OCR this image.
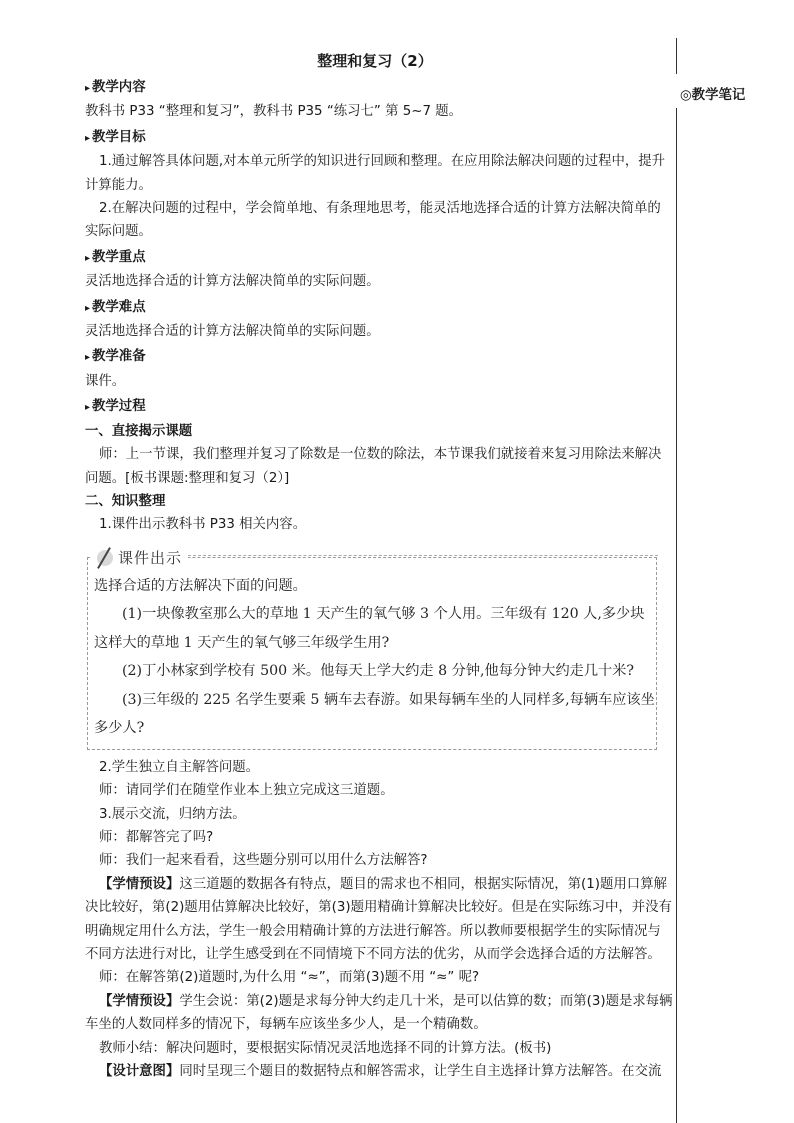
◎教学笔记
整理和复习（2）
▸ 教学内容
教科书 P33 “整理和复习”，教科书 P35 “练习七” 第 5~7 题。
▸ 教学目标
1.通过解答具体问题,对本单元所学的知识进行回顾和整理。在应用除法解决问题的过程中，提升计算能力。
2.在解决问题的过程中，学会简单地、有条理地思考，能灵活地选择合适的计算方法解决简单的实际问题。
▸ 教学重点
灵活地选择合适的计算方法解决简单的实际问题。
▸ 教学难点
灵活地选择合适的计算方法解决简单的实际问题。
▸ 教学准备
课件。
▸ 教学过程
一、直接揭示课题
师：上一节课，我们整理并复习了除数是一位数的除法，本节课我们就接着来复习用除法来解决问题。[板书课题:整理和复习（2）]
二、知识整理
1.课件出示教科书 P33 相关内容。
课件出示
选择合适的方法解决下面的问题。
(1)一块像教室那么大的草地 1 天产生的氧气够 3 个人用。三年级有 120 人,多少块这样大的草地 1 天产生的氧气够三年级学生用?
(2)丁小林家到学校有 500 米。他每天上学大约走 8 分钟,他每分钟大约走几十米?
(3)三年级的 225 名学生要乘 5 辆车去春游。如果每辆车坐的人同样多,每辆车应该坐多少人?
2.学生独立自主解答问题。
师：请同学们在随堂作业本上独立完成这三道题。
3.展示交流，归纳方法。
师：都解答完了吗?
师：我们一起来看看，这些题分别可以用什么方法解答?
【学情预设】这三道题的数据各有特点，题目的需求也不相同，根据实际情况，第(1)题用口算解决比较好，第(2)题用估算解决比较好，第(3)题用精确计算解决比较好。但是在实际练习中，并没有明确规定用什么方法，学生一般会用精确计算的方法进行解答。所以教师要根据学生的实际情况与不同方法进行对比，让学生感受到在不同情境下不同方法的优劣，从而学会选择合适的方法解答。
师：在解答第(2)道题时,为什么用 “≈”，而第(3)题不用 “≈” 呢?
【学情预设】学生会说：第(2)题是求每分钟大约走几十米，是可以估算的数；而第(3)题是求每辆车坐的人数同样多的情况下，每辆车应该坐多少人，是一个精确数。
教师小结：解决问题时，要根据实际情况灵活地选择不同的计算方法。(板书)
【设计意图】同时呈现三个题目的数据特点和解答需求，让学生自主选择计算方法解答。在交流
